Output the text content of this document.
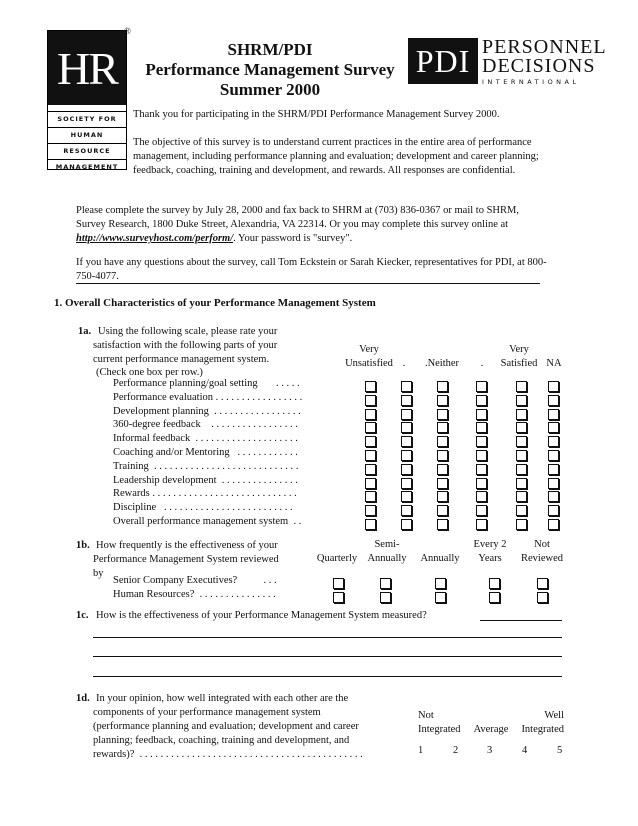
HR
SOCIETY FOR
HUMAN
RESOURCE
MANAGEMENT
®
SHRM/PDI
Performance Management Survey
Summer 2000
PDI PERSONNEL
DECISIONS
INTERNATIONAL
Thank you for participating in the SHRM/PDI Performance Management Survey 2000.
The objective of this survey is to understand current practices in the entire area of performance management, including performance planning and evaluation; development and career planning; feedback, coaching, training and development, and rewards. All responses are confidential.
Please complete the survey by July 28, 2000 and fax back to SHRM at (703) 836-0367 or mail to SHRM, Survey Research, 1800 Duke Street, Alexandria, VA 22314. Or you may complete this survey online at http://www.surveyhost.com/perform/. Your password is "survey".
If you have any questions about the survey, call Tom Eckstein or Sarah Kiecker, representatives for PDI, at 800-750-4077.
1. Overall Characteristics of your Performance Management System
1a. Using the following scale, please rate your
satisfaction with the following parts of your
current performance management system.
(Check one box per row.)
Very
Unsatisfied .	.Neither	.
Very
Satisfied NA
Performance planning/goal setting       . . . . .
Performance evaluation . . . . . . . . . . . . . . . . .
Development planning  . . . . . . . . . . . . . . . . .
360-degree feedback    . . . . . . . . . . . . . . . . .
Informal feedback  . . . . . . . . . . . . . . . . . . . .
Coaching and/or Mentoring   . . . . . . . . . . . .
Training  . . . . . . . . . . . . . . . . . . . . . . . . . . . .
Leadership development  . . . . . . . . . . . . . . .
Rewards . . . . . . . . . . . . . . . . . . . . . . . . . . . .
Discipline   . . . . . . . . . . . . . . . . . . . . . . . . .
Overall performance management system  . .
1b. How frequently is the effectiveness of your
Performance Management System reviewed
by
Quarterly
Semi-
Annually	Annually
Every 2
Years
Not
Reviewed
Senior Company Executives?          . . .
Human Resources?  . . . . . . . . . . . . . . .
1c. How is the effectiveness of your Performance Management System measured?
1d. In your opinion, how well integrated with each other are the
components of your performance management system
(performance planning and evaluation; development and career
planning; feedback, coaching, training and development, and
rewards)?  . . . . . . . . . . . . . . . . . . . . . . . . . . . . . . . . . . . . . . . . . . .
Not
Integrated Average
Well
Integrated
1	2	3	4	5
